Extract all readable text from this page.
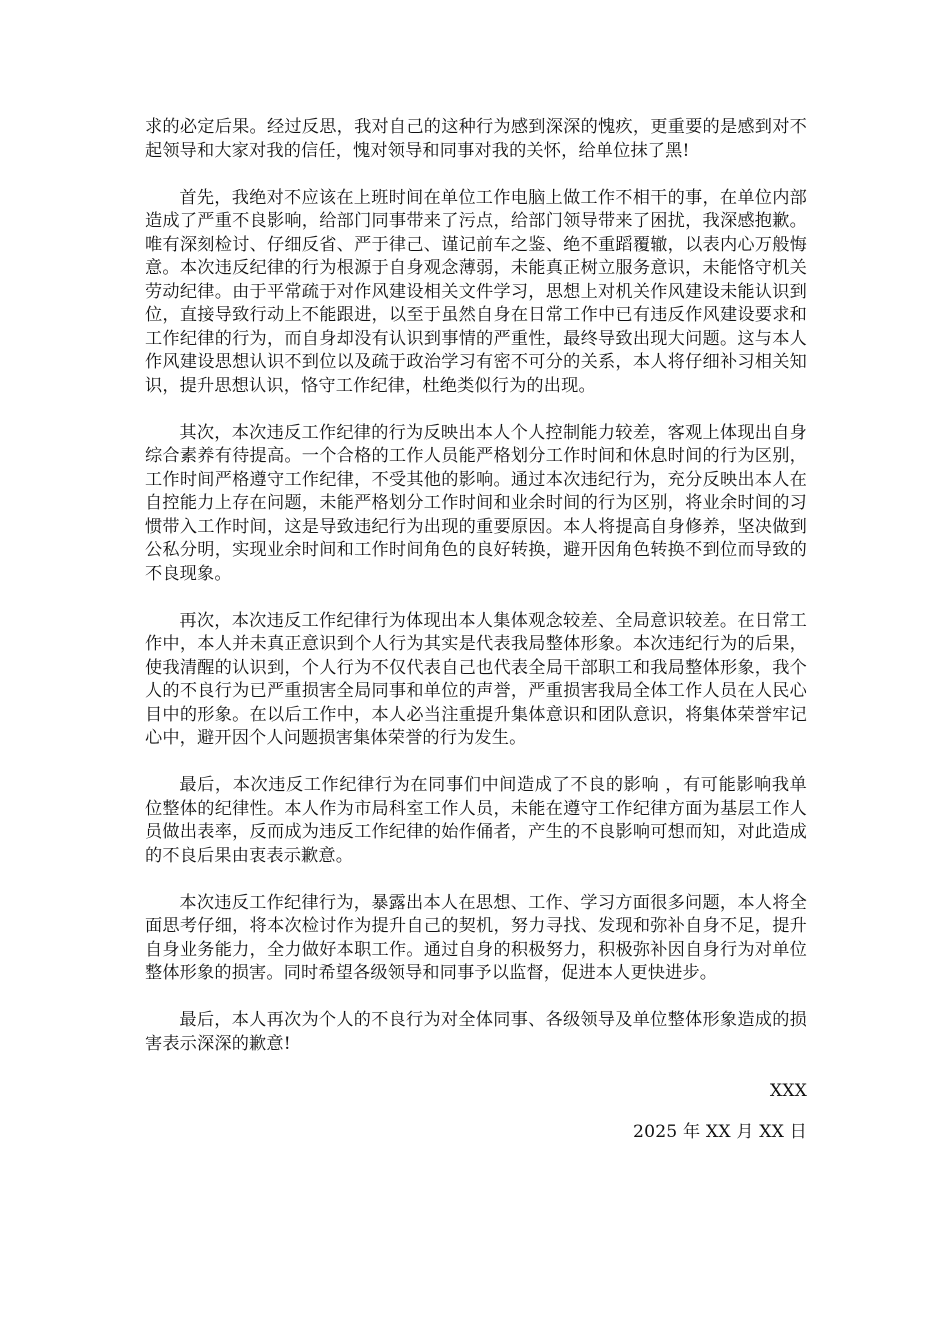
求的必定后果。经过反思，我对自己的这种行为感到深深的愧疚，更重要的是感到对不起领导和大家对我的信任，愧对领导和同事对我的关怀，给单位抹了黑!

首先，我绝对不应该在上班时间在单位工作电脑上做工作不相干的事，在单位内部造成了严重不良影响，给部门同事带来了污点，给部门领导带来了困扰，我深感抱歉。唯有深刻检讨、仔细反省、严于律己、谨记前车之鉴、绝不重蹈覆辙，以表内心万般悔意。本次违反纪律的行为根源于自身观念薄弱，未能真正树立服务意识，未能恪守机关劳动纪律。由于平常疏于对作风建设相关文件学习，思想上对机关作风建设未能认识到位，直接导致行动上不能跟进，以至于虽然自身在日常工作中已有违反作风建设要求和工作纪律的行为，而自身却没有认识到事情的严重性，最终导致出现大问题。这与本人作风建设思想认识不到位以及疏于政治学习有密不可分的关系，本人将仔细补习相关知识，提升思想认识，恪守工作纪律，杜绝类似行为的出现。

其次，本次违反工作纪律的行为反映出本人个人控制能力较差，客观上体现出自身综合素养有待提高。一个合格的工作人员能严格划分工作时间和休息时间的行为区别，工作时间严格遵守工作纪律，不受其他的影响。通过本次违纪行为，充分反映出本人在自控能力上存在问题，未能严格划分工作时间和业余时间的行为区别，将业余时间的习惯带入工作时间，这是导致违纪行为出现的重要原因。本人将提高自身修养，坚决做到公私分明，实现业余时间和工作时间角色的良好转换，避开因角色转换不到位而导致的不良现象。

再次，本次违反工作纪律行为体现出本人集体观念较差、全局意识较差。在日常工作中，本人并未真正意识到个人行为其实是代表我局整体形象。本次违纪行为的后果，使我清醒的认识到，个人行为不仅代表自己也代表全局干部职工和我局整体形象，我个人的不良行为已严重损害全局同事和单位的声誉，严重损害我局全体工作人员在人民心目中的形象。在以后工作中，本人必当注重提升集体意识和团队意识，将集体荣誉牢记心中，避开因个人问题损害集体荣誉的行为发生。

最后，本次违反工作纪律行为在同事们中间造成了不良的影响 ，有可能影响我单位整体的纪律性。本人作为市局科室工作人员，未能在遵守工作纪律方面为基层工作人员做出表率，反而成为违反工作纪律的始作俑者，产生的不良影响可想而知，对此造成的不良后果由衷表示歉意。

本次违反工作纪律行为，暴露出本人在思想、工作、学习方面很多问题，本人将全面思考仔细，将本次检讨作为提升自己的契机，努力寻找、发现和弥补自身不足，提升自身业务能力，全力做好本职工作。通过自身的积极努力，积极弥补因自身行为对单位整体形象的损害。同时希望各级领导和同事予以监督，促进本人更快进步。

最后，本人再次为个人的不良行为对全体同事、各级领导及单位整体形象造成的损害表示深深的歉意!

XXX

2025 年 XX 月 XX 日
